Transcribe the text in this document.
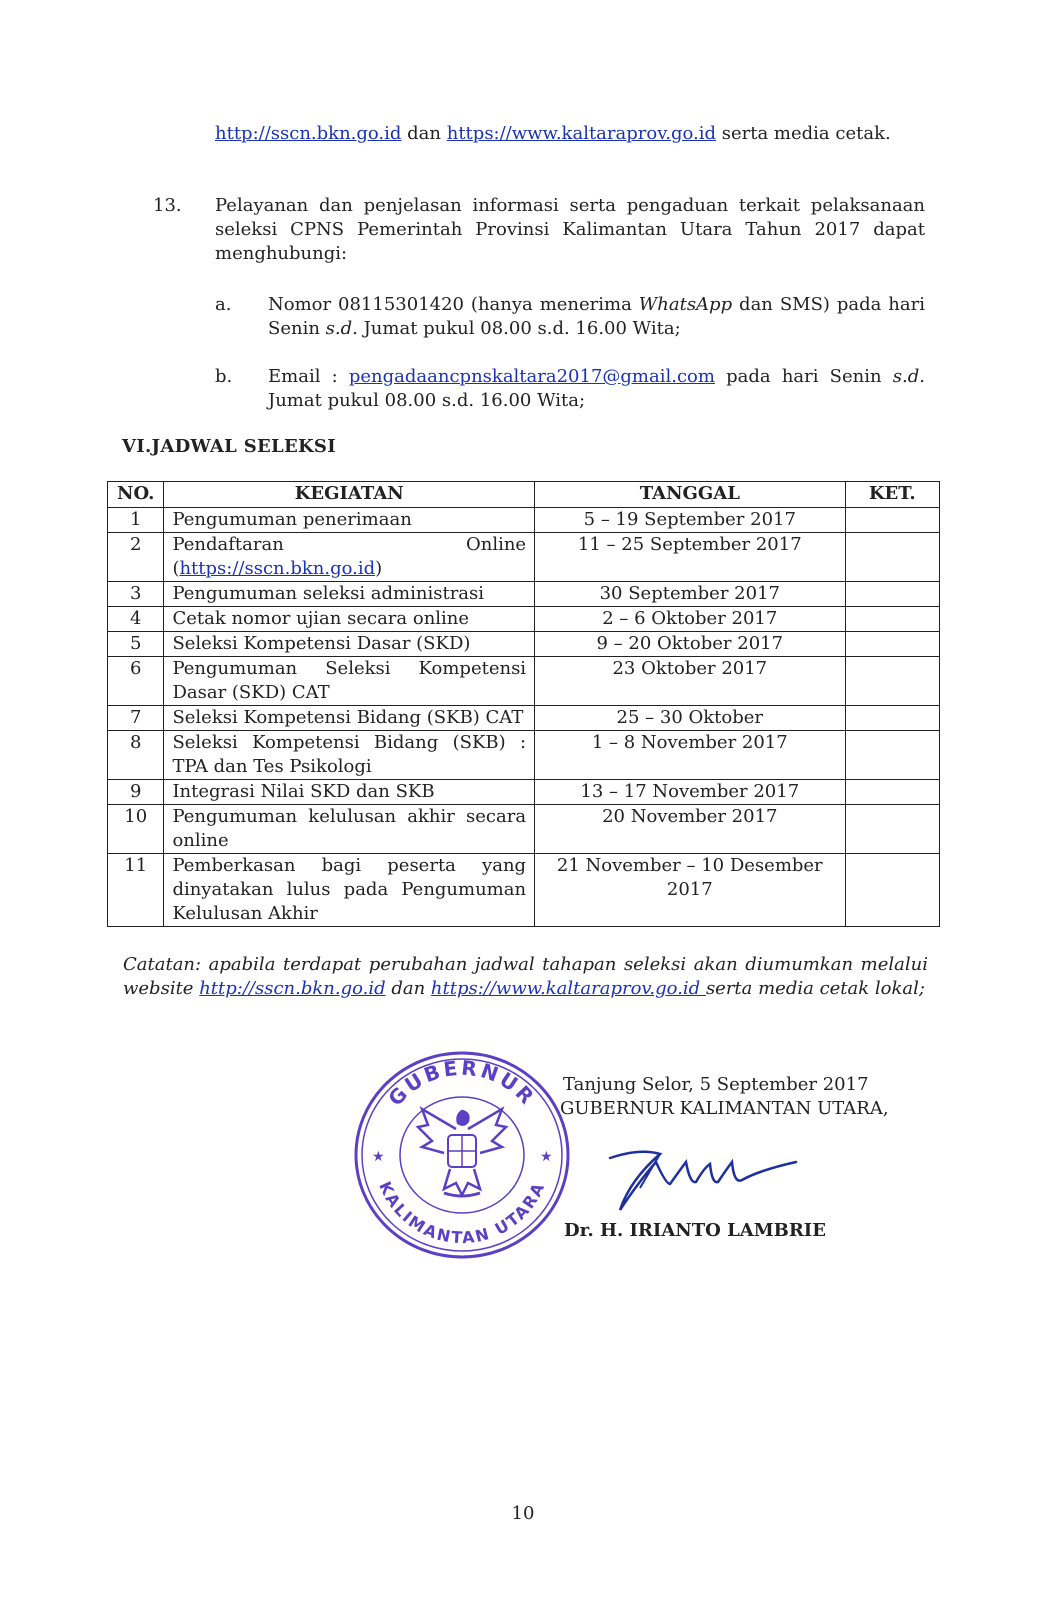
http://sscn.bkn.go.id dan https://www.kaltaraprov.go.id serta media cetak.
13. Pelayanan dan penjelasan informasi serta pengaduan terkait pelaksanaan seleksi CPNS Pemerintah Provinsi Kalimantan Utara Tahun 2017 dapat menghubungi:
a. Nomor 08115301420 (hanya menerima WhatsApp dan SMS) pada hari Senin s.d. Jumat pukul 08.00 s.d. 16.00 Wita;
b. Email : pengadaancpnskaltara2017@gmail.com pada hari Senin s.d. Jumat pukul 08.00 s.d. 16.00 Wita;
VI.JADWAL SELEKSI
NO.	KEGIATAN	TANGGAL	KET.
1	Pengumuman penerimaan	5 – 19 September 2017	
2	Pendaftaran Online (https://sscn.bkn.go.id)	11 – 25 September 2017	
3	Pengumuman seleksi administrasi	30 September 2017	
4	Cetak nomor ujian secara online	2 – 6 Oktober 2017	
5	Seleksi Kompetensi Dasar (SKD)	9 – 20 Oktober 2017	
6	Pengumuman Seleksi Kompetensi Dasar (SKD) CAT	23 Oktober 2017	
7	Seleksi Kompetensi Bidang (SKB) CAT	25 – 30 Oktober	
8	Seleksi Kompetensi Bidang (SKB) : TPA dan Tes Psikologi	1 – 8 November 2017	
9	Integrasi Nilai SKD dan SKB	13 – 17 November 2017	
10	Pengumuman kelulusan akhir secara online	20 November 2017	
11	Pemberkasan bagi peserta yang dinyatakan lulus pada Pengumuman Kelulusan Akhir	21 November – 10 Desember 2017	
Catatan: apabila terdapat perubahan jadwal tahapan seleksi akan diumumkan melalui website http://sscn.bkn.go.id dan https://www.kaltaraprov.go.id serta media cetak lokal;
GUBERNUR
KALIMANTAN UTARA
★	★
Tanjung Selor, 5 September 2017
GUBERNUR KALIMANTAN UTARA,
Dr. H. IRIANTO LAMBRIE
10
